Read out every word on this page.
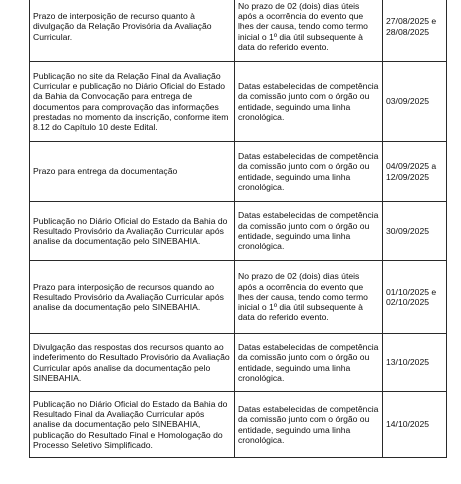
Prazo de interposição de recurso quanto à divulgação da Relação Provisória da Avaliação Curricular.	No prazo de 02 (dois) dias úteis após a ocorrência do evento que lhes der causa, tendo como termo inicial o 1º dia útil subsequente à data do referido evento.	27/08/2025 e 28/08/2025
Publicação no site da Relação Final da Avaliação Curricular e publicação no Diário Oficial do Estado da Bahia da Convocação para entrega de documentos para comprovação das informações prestadas no momento da inscrição, conforme item 8.12 do Capítulo 10 deste Edital.	Datas estabelecidas de competência da comissão junto com o órgão ou entidade, seguindo uma linha cronológica.	03/09/2025
Prazo para entrega da documentação	Datas estabelecidas de competência da comissão junto com o órgão ou entidade, seguindo uma linha cronológica.	04/09/2025 a 12/09/2025
Publicação no Diário Oficial do Estado da Bahia do Resultado Provisório da Avaliação Curricular após analise da documentação pelo SINEBAHIA.	Datas estabelecidas de competência da comissão junto com o órgão ou entidade, seguindo uma linha cronológica.	30/09/2025
Prazo para interposição de recursos quando ao Resultado Provisório da Avaliação Curricular após analise da documentação pelo SINEBAHIA.	No prazo de 02 (dois) dias úteis após a ocorrência do evento que lhes der causa, tendo como termo inicial o 1º dia útil subsequente à data do referido evento.	01/10/2025 e 02/10/2025
Divulgação das respostas dos recursos quanto ao indeferimento do Resultado Provisório da Avaliação Curricular após analise da documentação pelo SINEBAHIA.	Datas estabelecidas de competência da comissão junto com o órgão ou entidade, seguindo uma linha cronológica.	13/10/2025
Publicação no Diário Oficial do Estado da Bahia do Resultado Final da Avaliação Curricular após analise da documentação pelo SINEBAHIA, publicação do Resultado Final e Homologação do Processo Seletivo Simplificado.	Datas estabelecidas de competência da comissão junto com o órgão ou entidade, seguindo uma linha cronológica.	14/10/2025
